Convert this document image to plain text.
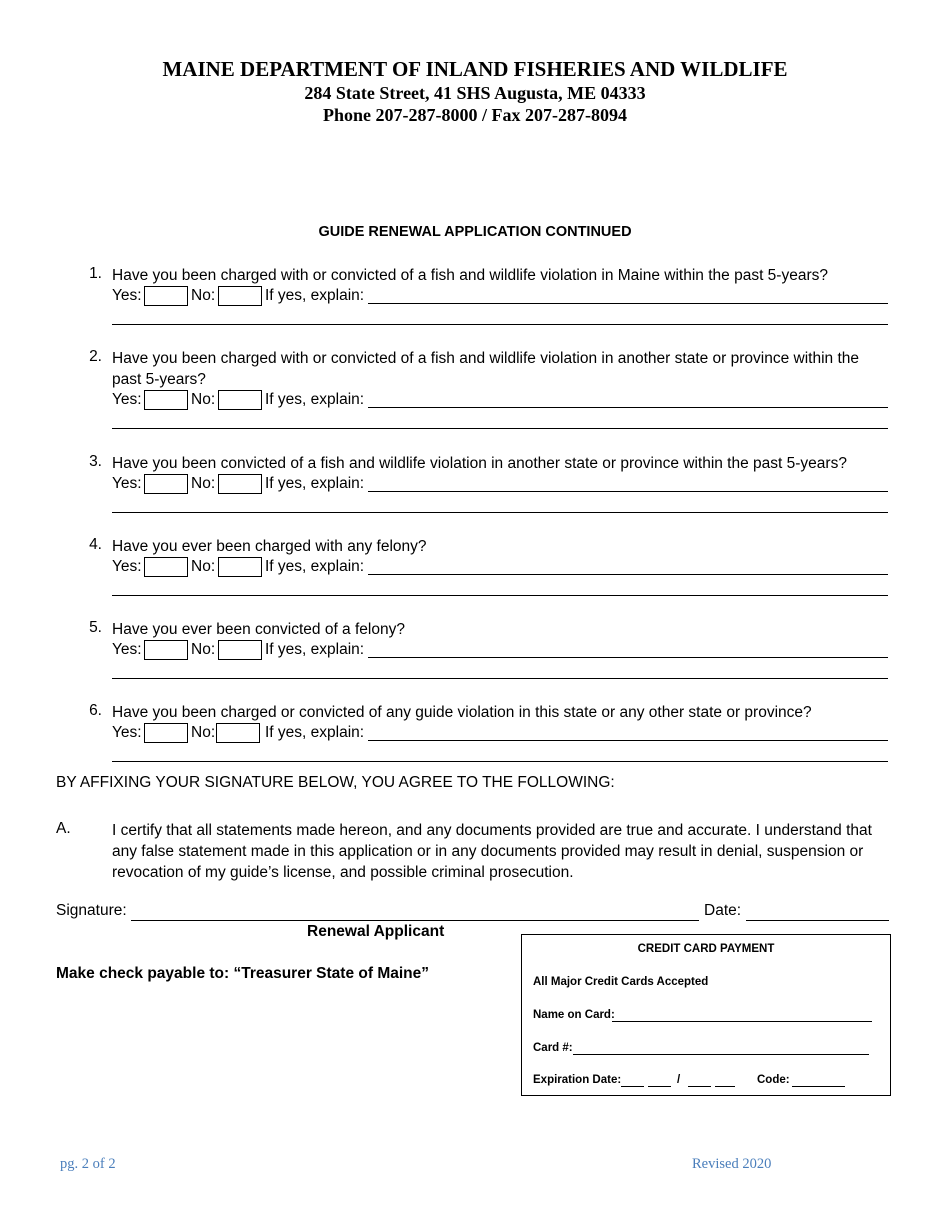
MAINE DEPARTMENT OF INLAND FISHERIES AND WILDLIFE
284 State Street, 41 SHS Augusta, ME 04333
Phone 207-287-8000 / Fax 207-287-8094
GUIDE RENEWAL APPLICATION CONTINUED
1. Have you been charged with or convicted of a fish and wildlife violation in Maine within the past 5-years?
Yes:	No:	If yes, explain:
2. Have you been charged with or convicted of a fish and wildlife violation in another state or province within the past 5-years?
Yes:	No:	If yes, explain:
3. Have you been convicted of a fish and wildlife violation in another state or province within the past 5-years?
Yes:	No:	If yes, explain:
4. Have you ever been charged with any felony?
Yes:	No:	If yes, explain:
5. Have you ever been convicted of a felony?
Yes:	No:	If yes, explain:
6. Have you been charged or convicted of any guide violation in this state or any other state or province?
Yes:	No:	If yes, explain:
BY AFFIXING YOUR SIGNATURE BELOW, YOU AGREE TO THE FOLLOWING:
A.	I certify that all statements made hereon, and any documents provided are true and accurate. I understand that any false statement made in this application or in any documents provided may result in denial, suspension or revocation of my guide’s license, and possible criminal prosecution.
Signature:	Date:
Renewal Applicant
Make check payable to: “Treasurer State of Maine”
CREDIT CARD PAYMENT
All Major Credit Cards Accepted
Name on Card:
Card #:
Expiration Date:	/	Code:
pg. 2 of 2	Revised 2020
